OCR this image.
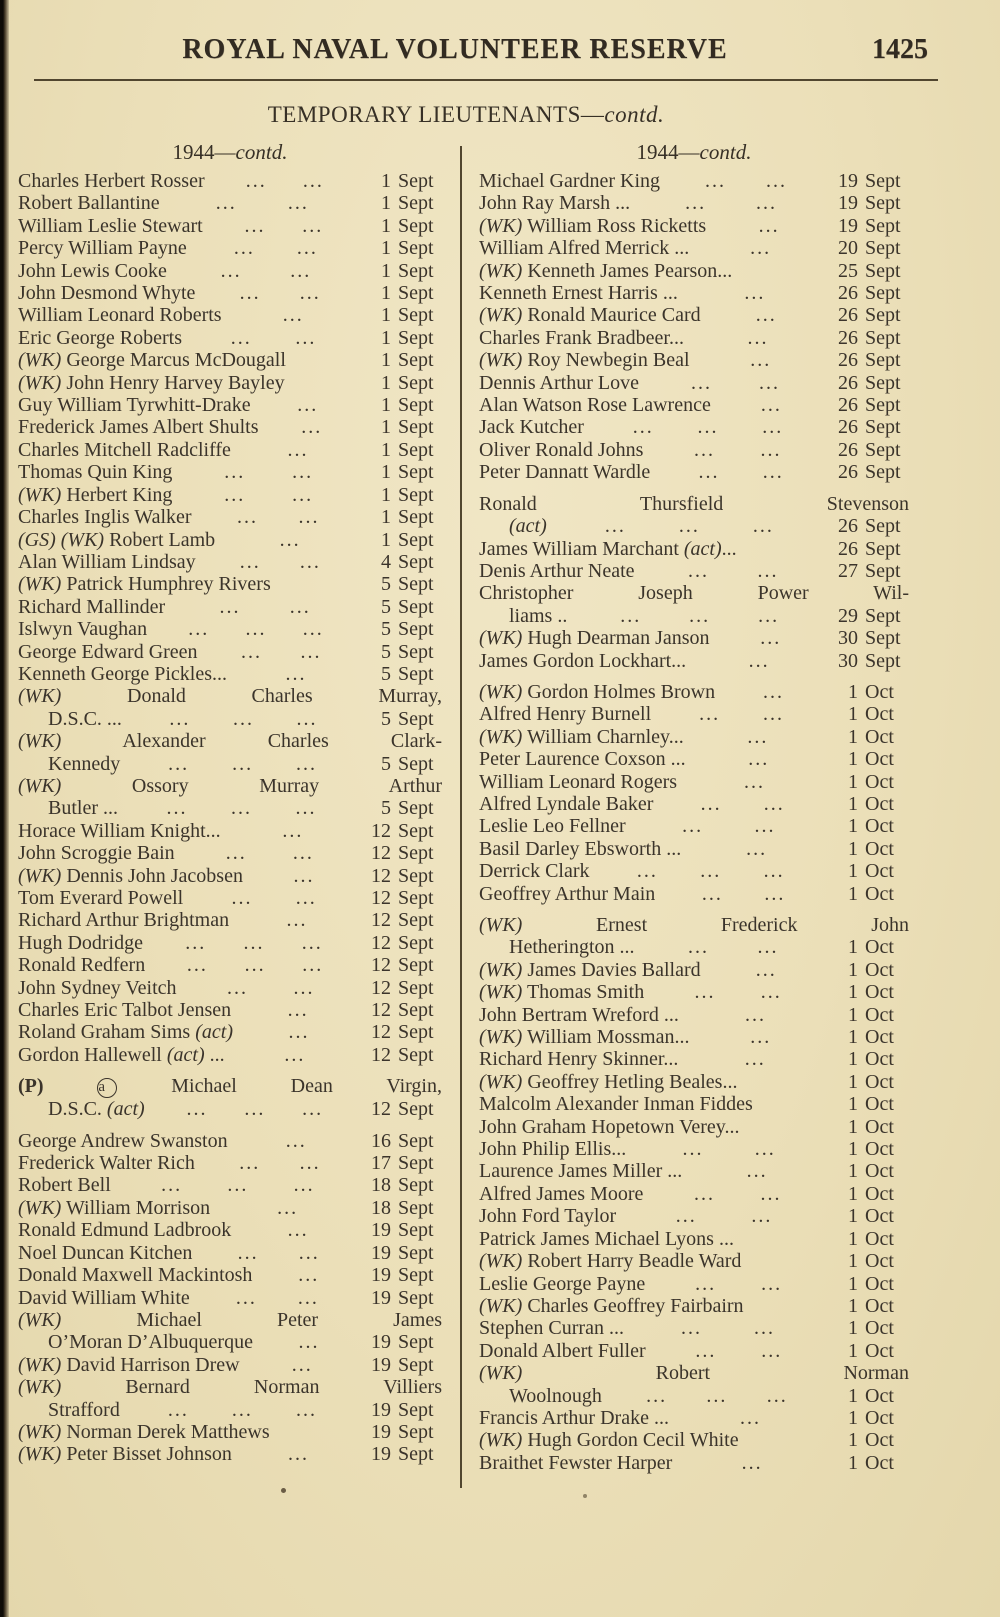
ROYAL NAVAL VOLUNTEER RESERVE	1425
TEMPORARY LIEUTENANTS—contd.
1944—contd.
Charles Herbert Rosser ... ...	1 Sept
Robert Ballantine	...	...	1 Sept
William Leslie Stewart ... ...	1 Sept
Percy William Payne ... ...	1 Sept
John Lewis Cooke	... ...	1 Sept
John Desmond Whyte ... ...	1 Sept
William Leonard Roberts	...	1 Sept
Eric George Roberts ... ...	1 Sept
(WK) George Marcus McDougall	1 Sept
(WK) John Henry Harvey Bayley	1 Sept
Guy William Tyrwhitt-Drake ...	1 Sept
Frederick James Albert Shults ...	1 Sept
Charles Mitchell Radcliffe	...	1 Sept
Thomas Quin King	... ...	1 Sept
(WK) Herbert King	... ...	1 Sept
Charles Inglis Walker ... ...	1 Sept
(GS) (WK) Robert Lamb	...	1 Sept
Alan William Lindsay ... ...	4 Sept
(WK) Patrick Humphrey Rivers	5 Sept
Richard Mallinder	... ...	5 Sept
Islwyn Vaughan ... ... ...	5 Sept
George Edward Green ... ...	5 Sept
Kenneth George Pickles...	...	5 Sept
(WK) Donald Charles Murray,
D.S.C. ... ... ... ...	5 Sept
(WK) Alexander Charles Clark-
Kennedy ... ... ...	5 Sept
(WK) Ossory Murray Arthur
Butler ... ... ... ...	5 Sept
Horace William Knight...	...	12 Sept
John Scroggie Bain	... ...	12 Sept
(WK) Dennis John Jacobsen	...	12 Sept
Tom Everard Powell ... ...	12 Sept
Richard Arthur Brightman	...	12 Sept
Hugh Dodridge ... ... ...	12 Sept
Ronald Redfern ... ... ...	12 Sept
John Sydney Veitch	... ...	12 Sept
Charles Eric Talbot Jensen	...	12 Sept
Roland Graham Sims (act)	...	12 Sept
Gordon Hallewell (act) ...	...	12 Sept
(P)	a Michael Dean Virgin,
D.S.C. (act) ... ... ...	12 Sept
George Andrew Swanston	...	16 Sept
Frederick Walter Rich ... ...	17 Sept
Robert Bell	... ... ...	18 Sept
(WK) William Morrison	...	18 Sept
Ronald Edmund Ladbrook	...	19 Sept
Noel Duncan Kitchen ... ...	19 Sept
Donald Maxwell Mackintosh ...	19 Sept
David William White ... ...	19 Sept
(WK) Michael Peter James
O’Moran D’Albuquerque ...	19 Sept
(WK) David Harrison Drew	...	19 Sept
(WK) Bernard Norman Villiers
Strafford ... ... ...	19 Sept
(WK) Norman Derek Matthews	19 Sept
(WK) Peter Bisset Johnson	...	19 Sept
1944—contd.
Michael Gardner King ... ...	19 Sept
John Ray Marsh ...	... ...	19 Sept
(WK) William Ross Ricketts	...	19 Sept
William Alfred Merrick ...	...	20 Sept
(WK) Kenneth James Pearson...	25 Sept
Kenneth Ernest Harris ...	...	26 Sept
(WK) Ronald Maurice Card	...	26 Sept
Charles Frank Bradbeer...	...	26 Sept
(WK) Roy Newbegin Beal	...	26 Sept
Dennis Arthur Love	... ...	26 Sept
Alan Watson Rose Lawrence	...	26 Sept
Jack Kutcher ... ... ...	26 Sept
Oliver Ronald Johns	... ...	26 Sept
Peter Dannatt Wardle ... ...	26 Sept
Ronald Thursfield Stevenson
(act)	...	...	...	26 Sept
James William Marchant (act)...	26 Sept
Denis Arthur Neate	... ...	27 Sept
Christopher Joseph Power Wil-
liams ..	... ... ...	29 Sept
(WK) Hugh Dearman Janson	...	30 Sept
James Gordon Lockhart...	...	30 Sept
(WK) Gordon Holmes Brown ...	1 Oct
Alfred Henry Burnell ... ...	1 Oct
(WK) William Charnley...	...	1 Oct
Peter Laurence Coxson ...	...	1 Oct
William Leonard Rogers	...	1 Oct
Alfred Lyndale Baker ... ...	1 Oct
Leslie Leo Fellner	...	...	1 Oct
Basil Darley Ebsworth ...	...	1 Oct
Derrick Clark ... ... ...	1 Oct
Geoffrey Arthur Main ... ...	1 Oct
(WK) Ernest Frederick John
Hetherington ...	... ...	1 Oct
(WK) James Davies Ballard	...	1 Oct
(WK) Thomas Smith	... ...	1 Oct
John Bertram Wreford ...	...	1 Oct
(WK) William Mossman...	...	1 Oct
Richard Henry Skinner...	...	1 Oct
(WK) Geoffrey Hetling Beales...	1 Oct
Malcolm Alexander Inman Fiddes	1 Oct
John Graham Hopetown Verey...	1 Oct
John Philip Ellis...	...	...	1 Oct
Laurence James Miller ...	...	1 Oct
Alfred James Moore	... ...	1 Oct
John Ford Taylor	...	...	1 Oct
Patrick James Michael Lyons ...	1 Oct
(WK) Robert Harry Beadle Ward	1 Oct
Leslie George Payne ... ...	1 Oct
(WK) Charles Geoffrey Fairbairn	1 Oct
Stephen Curran ...	...	...	1 Oct
Donald Albert Fuller ... ...	1 Oct
(WK) Robert Norman
Woolnough ... ... ...	1 Oct
Francis Arthur Drake ...	...	1 Oct
(WK) Hugh Gordon Cecil White	1 Oct
Braithet Fewster Harper	...	1 Oct
